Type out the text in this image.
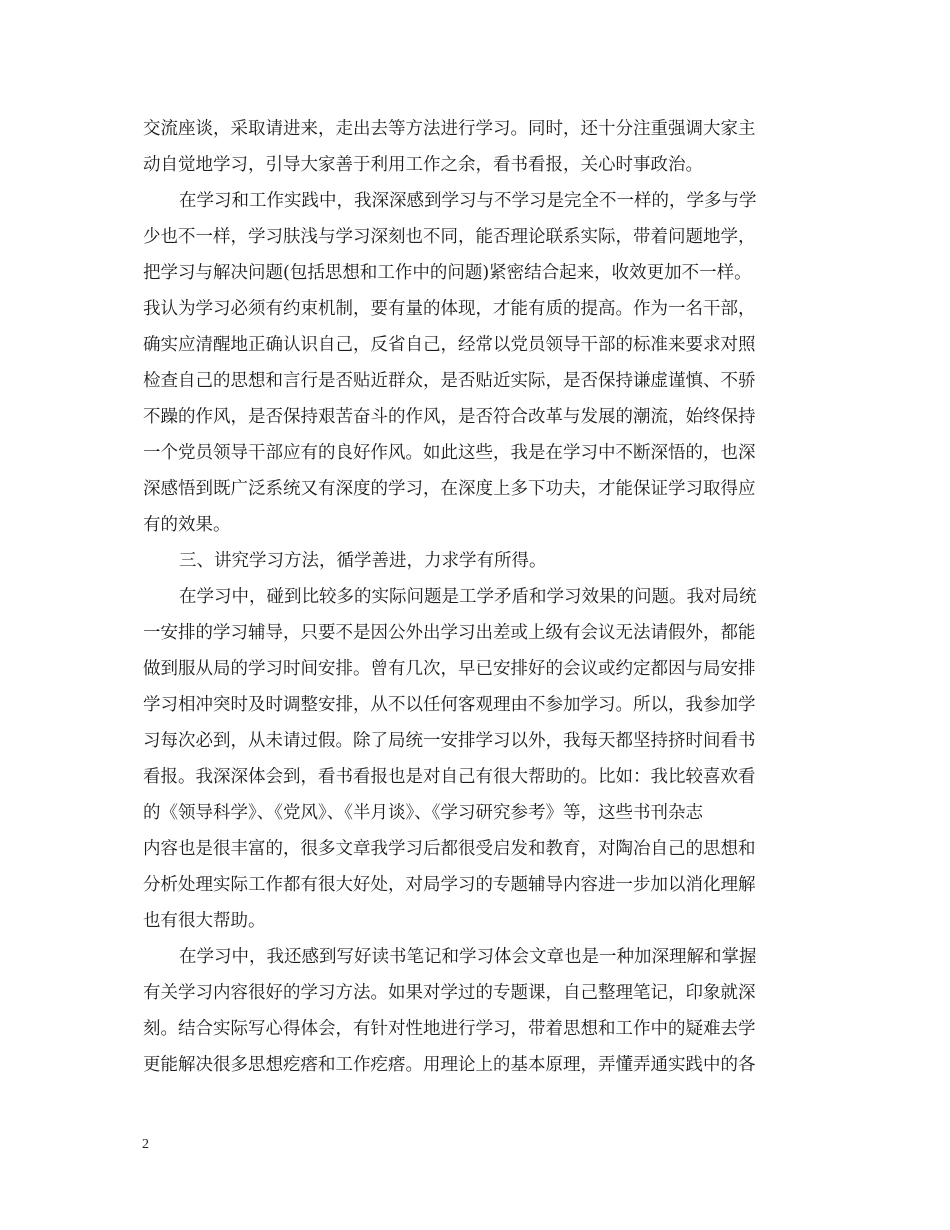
交流座谈，采取请进来，走出去等方法进行学习。同时，还十分注重强调大家主
动自觉地学习，引导大家善于利用工作之余，看书看报，关心时事政治。
在学习和工作实践中，我深深感到学习与不学习是完全不一样的，学多与学
少也不一样，学习肤浅与学习深刻也不同，能否理论联系实际，带着问题地学，
把学习与解决问题(包括思想和工作中的问题)紧密结合起来，收效更加不一样。
我认为学习必须有约束机制，要有量的体现，才能有质的提高。作为一名干部，
确实应清醒地正确认识自己，反省自己，经常以党员领导干部的标准来要求对照
检查自己的思想和言行是否贴近群众，是否贴近实际，是否保持谦虚谨慎、不骄
不躁的作风，是否保持艰苦奋斗的作风，是否符合改革与发展的潮流，始终保持
一个党员领导干部应有的良好作风。如此这些，我是在学习中不断深悟的，也深
深感悟到既广泛系统又有深度的学习，在深度上多下功夫，才能保证学习取得应
有的效果。
三、讲究学习方法，循学善进，力求学有所得。
在学习中，碰到比较多的实际问题是工学矛盾和学习效果的问题。我对局统
一安排的学习辅导，只要不是因公外出学习出差或上级有会议无法请假外，都能
做到服从局的学习时间安排。曾有几次，早已安排好的会议或约定都因与局安排
学习相冲突时及时调整安排，从不以任何客观理由不参加学习。所以，我参加学
习每次必到，从未请过假。除了局统一安排学习以外，我每天都坚持挤时间看书
看报。我深深体会到，看书看报也是对自己有很大帮助的。比如：我比较喜欢看
的《领导科学》、《党风》、《半月谈》、《学习研究参考》等，这些书刊杂志
内容也是很丰富的，很多文章我学习后都很受启发和教育，对陶冶自己的思想和
分析处理实际工作都有很大好处，对局学习的专题辅导内容进一步加以消化理解
也有很大帮助。
在学习中，我还感到写好读书笔记和学习体会文章也是一种加深理解和掌握
有关学习内容很好的学习方法。如果对学过的专题课，自己整理笔记，印象就深
刻。结合实际写心得体会，有针对性地进行学习，带着思想和工作中的疑难去学
更能解决很多思想疙瘩和工作疙瘩。用理论上的基本原理，弄懂弄通实践中的各
2
